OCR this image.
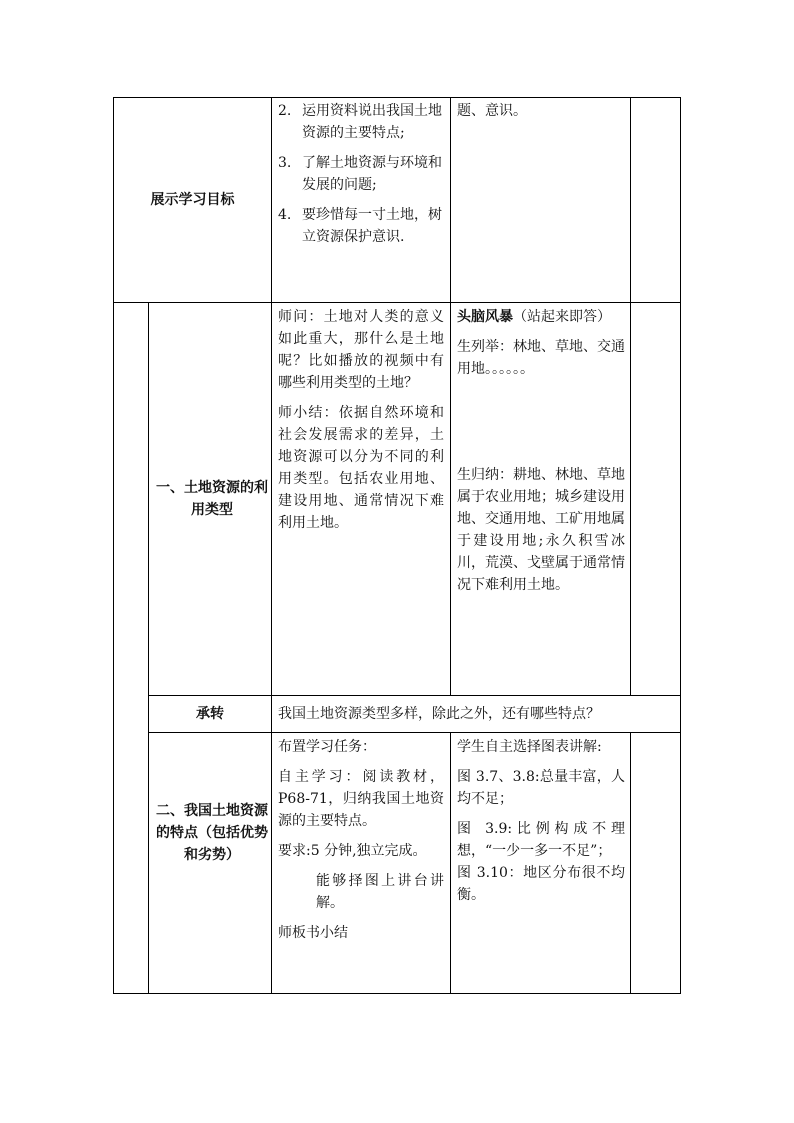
展示学习目标
2. 运用资料说出我国土地资源的主要特点;
3. 了解土地资源与环境和发展的问题;
4. 要珍惜每一寸土地，树立资源保护意识.
题、意识。
一、土地资源的利用类型

师问：土地对人类的意义如此重大，那什么是土地呢？比如播放的视频中有哪些利用类型的土地？

师小结：依据自然环境和社会发展需求的差异，土地资源可以分为不同的利用类型。包括农业用地、建设用地、通常情况下难利用土地。

头脑风暴（站起来即答）

生列举：林地、草地、交通用地。。。。。。

生归纳：耕地、林地、草地属于农业用地；城乡建设用地、交通用地、工矿用地属于建设用地;永久积雪冰川，荒漠、戈壁属于通常情况下难利用土地。

承转	我国土地资源类型多样，除此之外，还有哪些特点？
二、我国土地资源的特点（包括优势和劣势）

布置学习任务：

自主学习：阅读教材，P68-71，归纳我国土地资源的主要特点。

要求:5 分钟,独立完成。

能够择图上讲台讲解。

师板书小结

学生自主选择图表讲解:

图 3.7、3.8:总量丰富，人均不足；

图 3.9:比例构成不理想，“一少一多一不足”；

图 3.10：地区分布很不均衡。
